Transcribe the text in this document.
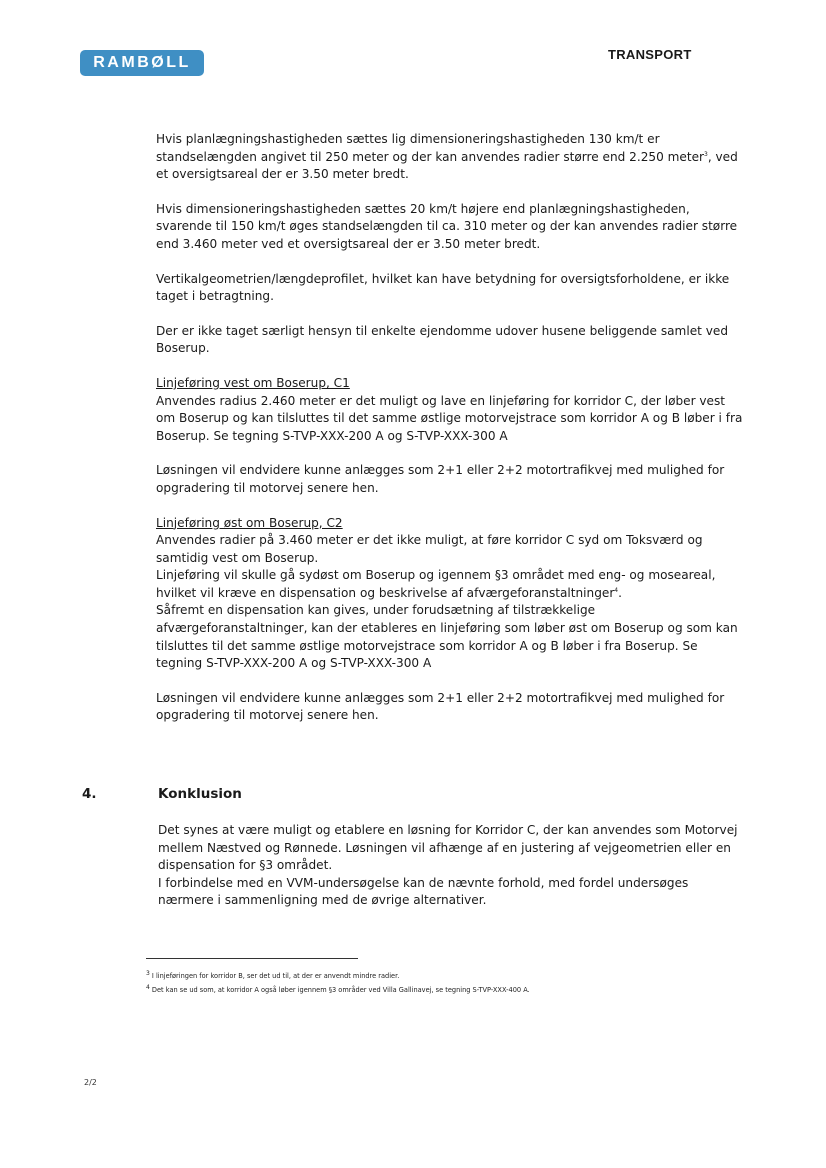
RAMBØLL	TRANSPORT

Hvis planlægningshastigheden sættes lig dimensioneringshastigheden 130 km/t er standselængden angivet til 250 meter og der kan anvendes radier større end 2.250 meter$^3$, ved et oversigtsareal der er 3.50 meter bredt.

Hvis dimensioneringshastigheden sættes 20 km/t højere end planlægningshastigheden, svarende til 150 km/t øges standselængden til ca. 310 meter og der kan anvendes radier større end 3.460 meter ved et oversigtsareal der er 3.50 meter bredt.

Vertikalgeometrien/længdeprofilet, hvilket kan have betydning for oversigtsforholdene, er ikke taget i betragtning.

Der er ikke taget særligt hensyn til enkelte ejendomme udover husene beliggende samlet ved Boserup.

Linjeføring vest om Boserup, C1
Anvendes radius 2.460 meter er det muligt og lave en linjeføring for korridor C, der løber vest om Boserup og kan tilsluttes til det samme østlige motorvejstrace som korridor A og B løber i fra Boserup. Se tegning S-TVP-XXX-200 A og S-TVP-XXX-300 A

Løsningen vil endvidere kunne anlægges som 2+1 eller 2+2 motortrafikvej med mulighed for opgradering til motorvej senere hen.

Linjeføring øst om Boserup, C2
Anvendes radier på 3.460 meter er det ikke muligt, at føre korridor C syd om Toksværd og samtidig vest om Boserup.
Linjeføring vil skulle gå sydøst om Boserup og igennem §3 området med eng- og moseareal, hvilket vil kræve en dispensation og beskrivelse af afværgeforanstaltninger$^4$.
Såfremt en dispensation kan gives, under forudsætning af tilstrækkelige afværgeforanstaltninger, kan der etableres en linjeføring som løber øst om Boserup og som kan tilsluttes til det samme østlige motorvejstrace som korridor A og B løber i fra Boserup. Se tegning S-TVP-XXX-200 A og S-TVP-XXX-300 A

Løsningen vil endvidere kunne anlægges som 2+1 eller 2+2 motortrafikvej med mulighed for opgradering til motorvej senere hen.

4.	Konklusion

Det synes at være muligt og etablere en løsning for Korridor C, der kan anvendes som Motorvej mellem Næstved og Rønnede. Løsningen vil afhænge af en justering af vejgeometrien eller en dispensation for §3 området.

I forbindelse med en VVM-undersøgelse kan de nævnte forhold, med fordel undersøges nærmere i sammenligning med de øvrige alternativer.

$^3$ I linjeføringen for korridor B, ser det ud til, at der er anvendt mindre radier.

$^4$ Det kan se ud som, at korridor A også løber igennem §3 områder ved Villa Gallinavej, se tegning S-TVP-XXX-400 A.

2/2
